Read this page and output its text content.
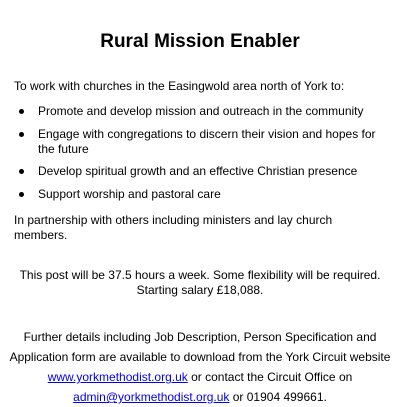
Rural Mission Enabler

To work with churches in the Easingwold area north of York to:

Promote and develop mission and outreach in the community
Engage with congregations to discern their vision and hopes for the future
Develop spiritual growth and an effective Christian presence
Support worship and pastoral care

In partnership with others including ministers and lay church members.

This post will be 37.5 hours a week. Some flexibility will be required.
Starting salary £18,088.

Further details including Job Description, Person Specification and Application form are available to download from the York Circuit website www.yorkmethodist.org.uk or contact the Circuit Office on admin@yorkmethodist.org.uk or 01904 499661.
